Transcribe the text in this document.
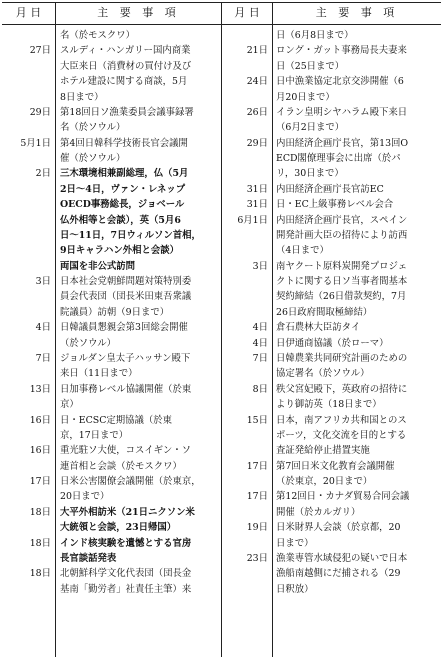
月 日	主 要 事 項	月 日	主 要 事 項
名（於モスクワ）
27日 スルディ・ハンガリー国内商業
大臣来日（消費材の買付け及び
ホテル建設に関する商談，5月
8日まで）
29日 第18回日ソ漁業委員会議事録署
名（於ソウル）
5月1日 第4回日韓科学技術長官会議開
催（於ソウル）
2日 三木環境相兼副総理，仏（5月
2日～4日，ヴァン・レネップ
OECD事務総長，ジョベール
仏外相等と会談），英（5月6
日～11日，7日ウィルソン首相，
9日キャラハン外相と会談）
両国を非公式訪問
3日 日本社会党朝鮮問題対策特別委
員会代表団（団長米田東吾衆議
院議員）訪朝（9日まで）
4日 日韓議員懇親会第3回総会開催
（於ソウル）
7日 ジョルダン皇太子ハッサン殿下
来日（11日まで）
13日 日加事務レベル協議開催（於東
京）
16日 日・ECSC定期協議（於東
京，17日まで）
16日 重光駐ソ大使，コスイギン・ソ
連首相と会談（於モスクワ）
17日 日米公害閣僚会議開催（於東京，
20日まで）
18日 大平外相訪米（21日ニクソン米
大統領と会談，23日帰国）
18日 インド核実験を遺憾とする官房
長官談話発表
18日 北朝鮮科学文化代表団（団長金
基南「勤労者」社責任主筆）来
日（6月8日まで）
21日 ロング・ガット事務局長夫妻来
日（25日まで）
24日 日中漁業協定北京交渉開催（6
月20日まで）
26日 イラン皇明シヤハラム殿下来日
（6月2日まで）
29日 内田経済企画庁長官，第13回O
ECD閣僚理事会に出席（於パ
リ，30日まで）
31日 内田経済企画庁長官訪EC
31日 日・EC上級事務レベル会合
6月1日 内田経済企画庁長官，スペイン
開発計画大臣の招待により訪西
（4日まで）
3日 南ヤクート原料炭開発プロジェ
クトに関する日ソ当事者間基本
契約締結（26日借款契約，7月
26日政府間取極締結）
4日 倉石農林大臣訪タイ
4日 日伊通商協議（於ローマ）
7日 日韓農業共同研究計画のための
協定署名（於ソウル）
8日 秩父宮妃殿下，英政府の招待に
より御訪英（18日まで）
15日 日本，南アフリカ共和国とのス
ポーツ，文化交流を目的とする
査証発給停止措置実施
17日 第7回日米文化教育会議開催
（於東京，20日まで）
17日 第12回日・カナダ貿易合同会議
開催（於カルガリ）
19日 日米財界人会談（於京都，20
日まで）
23日 漁業専管水域侵犯の疑いで日本
漁船南越側にだ捕される（29
日釈放）
